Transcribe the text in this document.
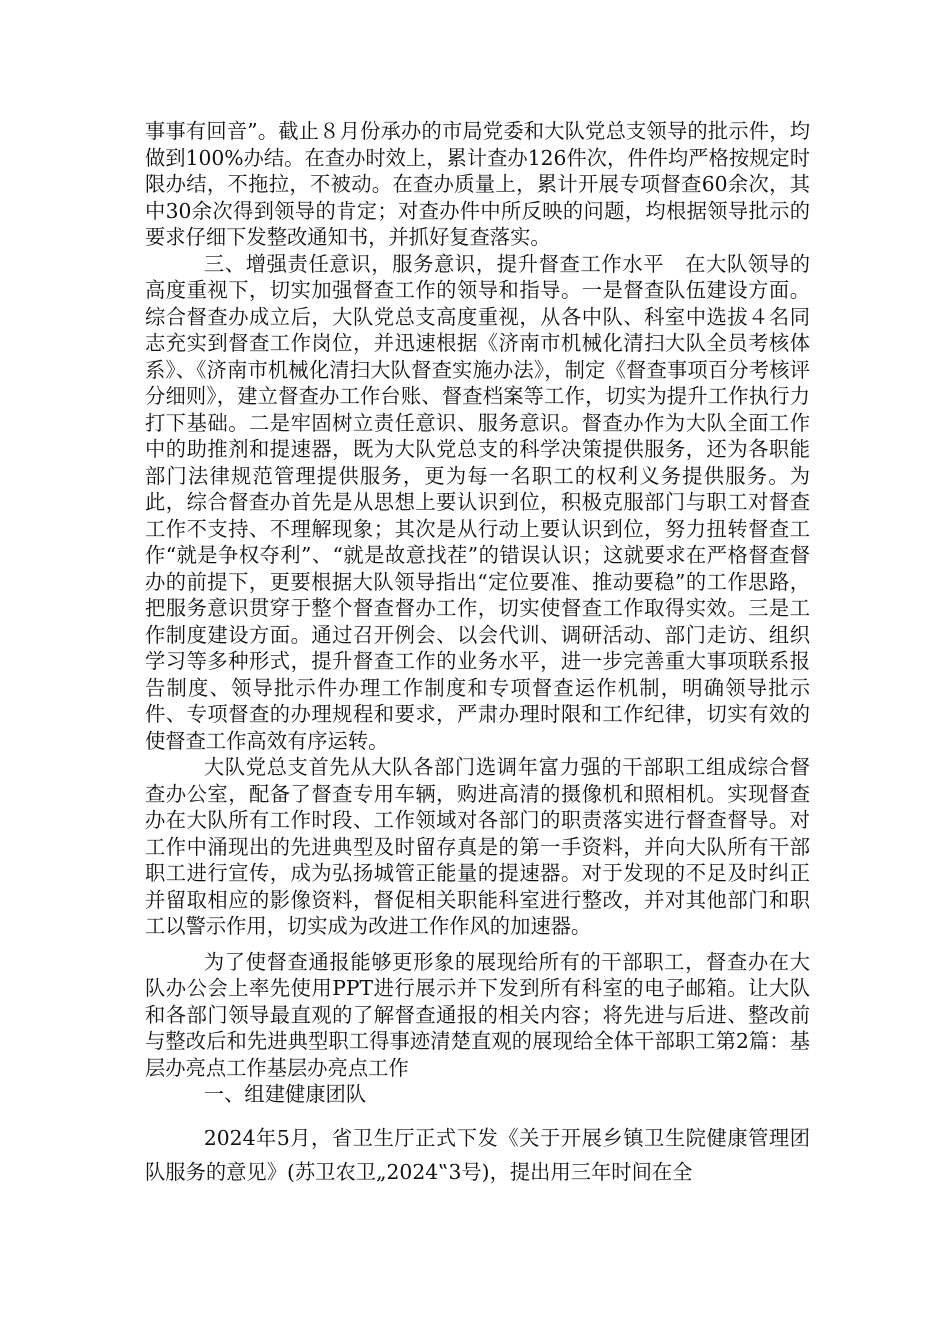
事事有回音”。截止８月份承办的市局党委和大队党总支领导的批示件，均做到100%办结。在查办时效上，累计查办126件次，件件均严格按规定时限办结，不拖拉，不被动。在查办质量上，累计开展专项督查60余次，其中30余次得到领导的肯定；对查办件中所反映的问题，均根据领导批示的要求仔细下发整改通知书，并抓好复查落实。

三、增强责任意识，服务意识，提升督查工作水平　在大队领导的高度重视下，切实加强督查工作的领导和指导。一是督查队伍建设方面。综合督查办成立后，大队党总支高度重视，从各中队、科室中选拔４名同志充实到督查工作岗位，并迅速根据《济南市机械化清扫大队全员考核体系》、《济南市机械化清扫大队督查实施办法》，制定《督查事项百分考核评分细则》，建立督查办工作台账、督查档案等工作，切实为提升工作执行力打下基础。二是牢固树立责任意识、服务意识。督查办作为大队全面工作中的助推剂和提速器，既为大队党总支的科学决策提供服务，还为各职能部门法律规范管理提供服务，更为每一名职工的权利义务提供服务。为此，综合督查办首先是从思想上要认识到位，积极克服部门与职工对督查工作不支持、不理解现象；其次是从行动上要认识到位，努力扭转督查工作“就是争权夺利”、“就是故意找茬”的错误认识；这就要求在严格督查督办的前提下，更要根据大队领导指出“定位要准、推动要稳”的工作思路，把服务意识贯穿于整个督查督办工作，切实使督查工作取得实效。三是工作制度建设方面。通过召开例会、以会代训、调研活动、部门走访、组织学习等多种形式，提升督查工作的业务水平，进一步完善重大事项联系报告制度、领导批示件办理工作制度和专项督查运作机制，明确领导批示件、专项督查的办理规程和要求，严肃办理时限和工作纪律，切实有效的使督查工作高效有序运转。

大队党总支首先从大队各部门选调年富力强的干部职工组成综合督查办公室，配备了督查专用车辆，购进高清的摄像机和照相机。实现督查办在大队所有工作时段、工作领域对各部门的职责落实进行督查督导。对工作中涌现出的先进典型及时留存真是的第一手资料，并向大队所有干部职工进行宣传，成为弘扬城管正能量的提速器。对于发现的不足及时纠正并留取相应的影像资料，督促相关职能科室进行整改，并对其他部门和职工以警示作用，切实成为改进工作作风的加速器。

为了使督查通报能够更形象的展现给所有的干部职工，督查办在大队办公会上率先使用PPT进行展示并下发到所有科室的电子邮箱。让大队和各部门领导最直观的了解督查通报的相关内容；将先进与后进、整改前与整改后和先进典型职工得事迹清楚直观的展现给全体干部职工第2篇：基层办亮点工作基层办亮点工作

一、组建健康团队

2024年5月，省卫生厅正式下发《关于开展乡镇卫生院健康管理团队服务的意见》(苏卫农卫„2024‟3号)，提出用三年时间在全
